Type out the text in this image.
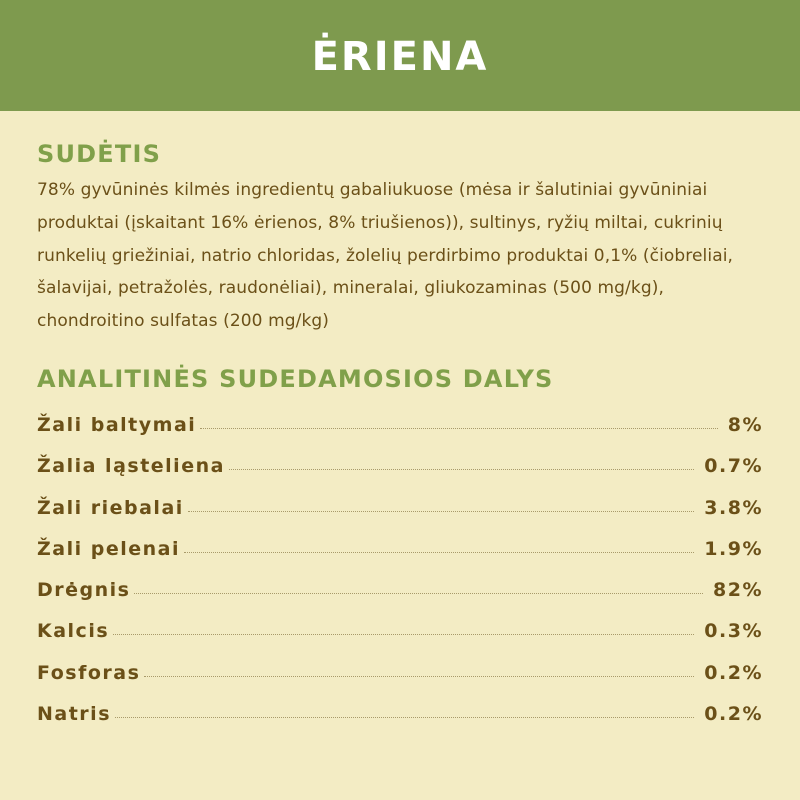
ĖRIENA
SUDĖTIS

78% gyvūninės kilmės ingredientų gabaliukuose (mėsa ir šalutiniai gyvūniniai produktai (įskaitant 16% ėrienos, 8% triušienos)), sultinys, ryžių miltai, cukrinių runkelių griežiniai, natrio chloridas, žolelių perdirbimo produktai 0,1% (čiobreliai, šalavijai, petražolės, raudonėliai), mineralai, gliukozaminas (500 mg/kg), chondroitino sulfatas (200 mg/kg)

ANALITINĖS SUDEDAMOSIOS DALYS
Žali baltymai	8%
Žalia ląsteliena	0.7%
Žali riebalai	3.8%
Žali pelenai	1.9%
Drėgnis	82%
Kalcis	0.3%
Fosforas	0.2%
Natris	0.2%
